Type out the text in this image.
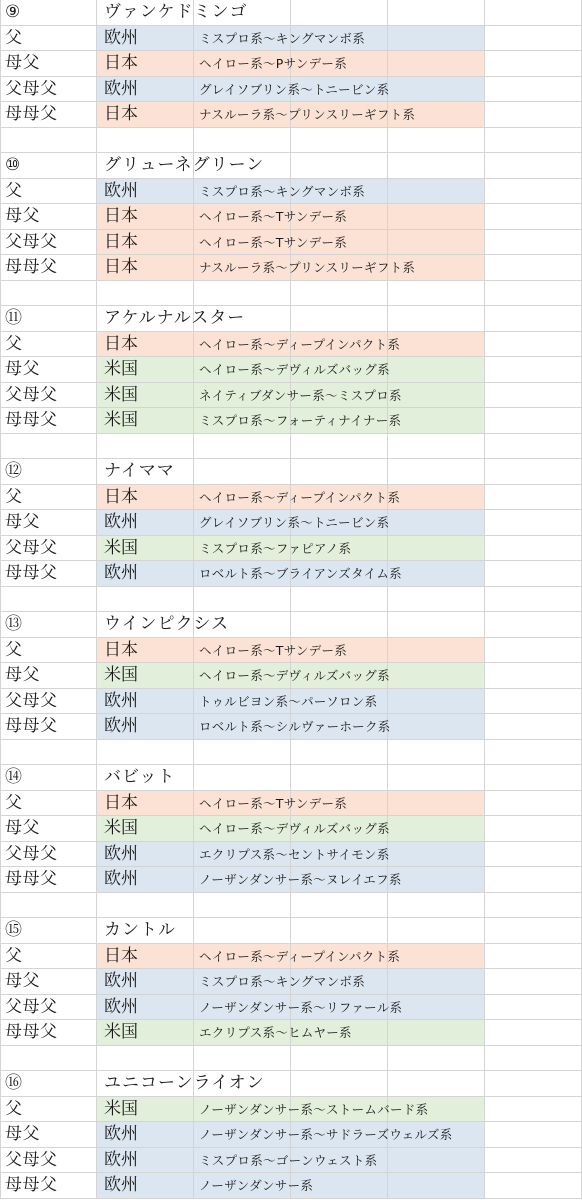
⑨	ヴァンケドミンゴ
父	欧州	ミスプロ系～キングマンボ系
母父	日本	ヘイロー系～Pサンデー系
父母父	欧州	グレイソブリン系～トニービン系
母母父	日本	ナスルーラ系～プリンスリーギフト系
⑩	グリューネグリーン
父	欧州	ミスプロ系～キングマンボ系
母父	日本	ヘイロー系～Tサンデー系
父母父	日本	ヘイロー系～Tサンデー系
母母父	日本	ナスルーラ系～プリンスリーギフト系
⑪	アケルナルスター
父	日本	ヘイロー系～ディープインパクト系
母父	米国	ヘイロー系～デヴィルズバッグ系
父母父	米国	ネイティブダンサー系～ミスプロ系
母母父	米国	ミスプロ系～フォーティナイナー系
⑫	ナイママ
父	日本	ヘイロー系～ディープインパクト系
母父	欧州	グレイソブリン系～トニービン系
父母父	米国	ミスプロ系～ファピアノ系
母母父	欧州	ロベルト系～ブライアンズタイム系
⑬	ウインピクシス
父	日本	ヘイロー系～Tサンデー系
母父	米国	ヘイロー系～デヴィルズバッグ系
父母父	欧州	トゥルビヨン系～パーソロン系
母母父	欧州	ロベルト系～シルヴァーホーク系
⑭	バビット
父	日本	ヘイロー系～Tサンデー系
母父	米国	ヘイロー系～デヴィルズバッグ系
父母父	欧州	エクリプス系～セントサイモン系
母母父	欧州	ノーザンダンサー系～ヌレイエフ系
⑮	カントル
父	日本	ヘイロー系～ディープインパクト系
母父	欧州	ミスプロ系～キングマンボ系
父母父	欧州	ノーザンダンサー系～リファール系
母母父	米国	エクリプス系～ヒムヤー系
⑯	ユニコーンライオン
父	米国	ノーザンダンサー系～ストームバード系
母父	欧州	ノーザンダンサー系～サドラーズウェルズ系
父母父	欧州	ミスプロ系～ゴーンウェスト系
母母父	欧州	ノーザンダンサー系
